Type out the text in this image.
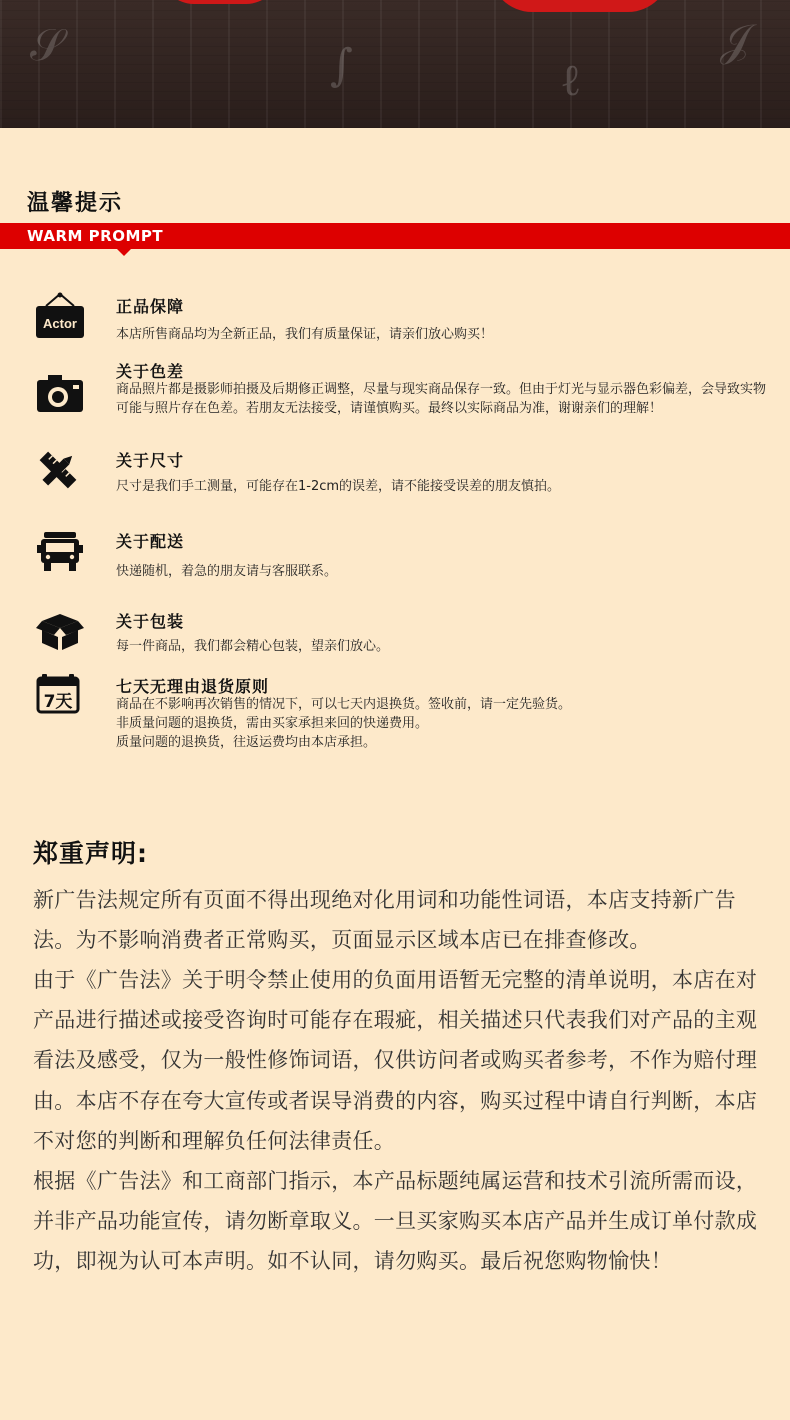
𝒮	∫	ℓ
𝒥
温馨提示
WARM PROMPT
Actor
正品保障
本店所售商品均为全新正品，我们有质量保证，请亲们放心购买！
关于色差
商品照片都是摄影师拍摄及后期修正调整，尽量与现实商品保存一致。但由于灯光与显示器色彩偏差，会导致实物可能与照片存在色差。若朋友无法接受，请谨慎购买。最终以实际商品为准，谢谢亲们的理解！
关于尺寸
尺寸是我们手工测量，可能存在1-2cm的误差，请不能接受误差的朋友慎拍。
关于配送
快递随机，着急的朋友请与客服联系。
关于包装
每一件商品，我们都会精心包装，望亲们放心。
7天
七天无理由退货原则
商品在不影响再次销售的情况下，可以七天内退换货。签收前，请一定先验货。
非质量问题的退换货，需由买家承担来回的快递费用。
质量问题的退换货，往返运费均由本店承担。
郑重声明:
新广告法规定所有页面不得出现绝对化用词和功能性词语，本店支持新广告法。为不影响消费者正常购买，页面显示区域本店已在排查修改。
由于《广告法》关于明令禁止使用的负面用语暂无完整的清单说明，本店在对产品进行描述或接受咨询时可能存在瑕疵，相关描述只代表我们对产品的主观看法及感受，仅为一般性修饰词语，仅供访问者或购买者参考，不作为赔付理由。本店不存在夸大宣传或者误导消费的内容，购买过程中请自行判断，本店不对您的判断和理解负任何法律责任。
根据《广告法》和工商部门指示，本产品标题纯属运营和技术引流所需而设，并非产品功能宣传，请勿断章取义。一旦买家购买本店产品并生成订单付款成功，即视为认可本声明。如不认同，请勿购买。最后祝您购物愉快！
